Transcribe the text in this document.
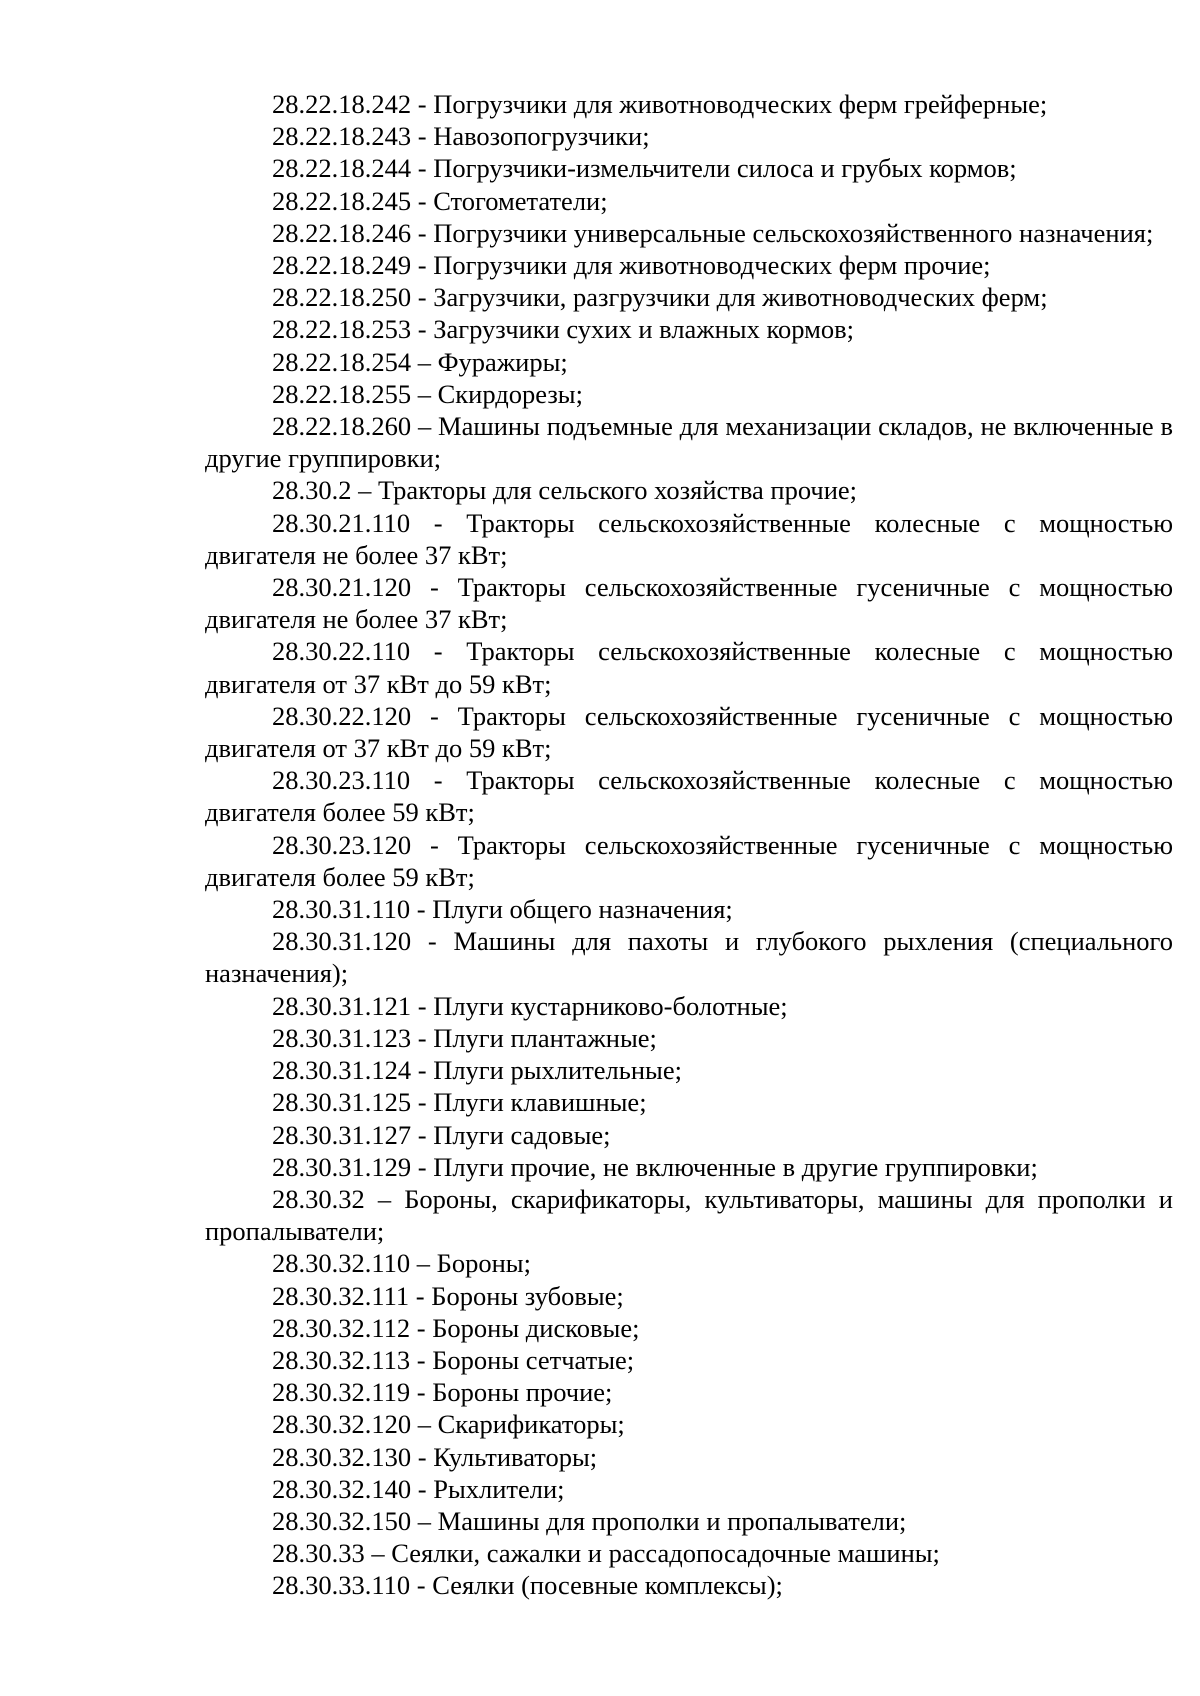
28.22.18.242 - Погрузчики для животноводческих ферм грейферные;

28.22.18.243 - Навозопогрузчики;

28.22.18.244 - Погрузчики-измельчители силоса и грубых кормов;

28.22.18.245 - Стогометатели;

28.22.18.246 - Погрузчики универсальные сельскохозяйственного назначения;

28.22.18.249 - Погрузчики для животноводческих ферм прочие;

28.22.18.250 - Загрузчики, разгрузчики для животноводческих ферм;

28.22.18.253 - Загрузчики сухих и влажных кормов;

28.22.18.254 – Фуражиры;

28.22.18.255 – Скирдорезы;

28.22.18.260 – Машины подъемные для механизации складов, не включенные в другие группировки;

28.30.2 – Тракторы для сельского хозяйства прочие;

28.30.21.110 - Тракторы сельскохозяйственные колесные с мощностью двигателя не более 37 кВт;

28.30.21.120 - Тракторы сельскохозяйственные гусеничные с мощностью двигателя не более 37 кВт;

28.30.22.110 - Тракторы сельскохозяйственные колесные с мощностью двигателя от 37 кВт до 59 кВт;

28.30.22.120 - Тракторы сельскохозяйственные гусеничные с мощностью двигателя от 37 кВт до 59 кВт;

28.30.23.110 - Тракторы сельскохозяйственные колесные с мощностью двигателя более 59 кВт;

28.30.23.120 - Тракторы сельскохозяйственные гусеничные с мощностью двигателя более 59 кВт;

28.30.31.110 - Плуги общего назначения;

28.30.31.120 - Машины для пахоты и глубокого рыхления (специального назначения);

28.30.31.121 - Плуги кустарниково-болотные;

28.30.31.123 - Плуги плантажные;

28.30.31.124 - Плуги рыхлительные;

28.30.31.125 - Плуги клавишные;

28.30.31.127 - Плуги садовые;

28.30.31.129 - Плуги прочие, не включенные в другие группировки;

28.30.32 – Бороны, скарификаторы, культиваторы, машины для прополки и пропалыватели;

28.30.32.110 – Бороны;

28.30.32.111 - Бороны зубовые;

28.30.32.112 - Бороны дисковые;

28.30.32.113 - Бороны сетчатые;

28.30.32.119 - Бороны прочие;

28.30.32.120 – Скарификаторы;

28.30.32.130 - Культиваторы;

28.30.32.140 - Рыхлители;

28.30.32.150 – Машины для прополки и пропалыватели;

28.30.33 – Сеялки, сажалки и рассадопосадочные машины;

28.30.33.110 - Сеялки (посевные комплексы);
